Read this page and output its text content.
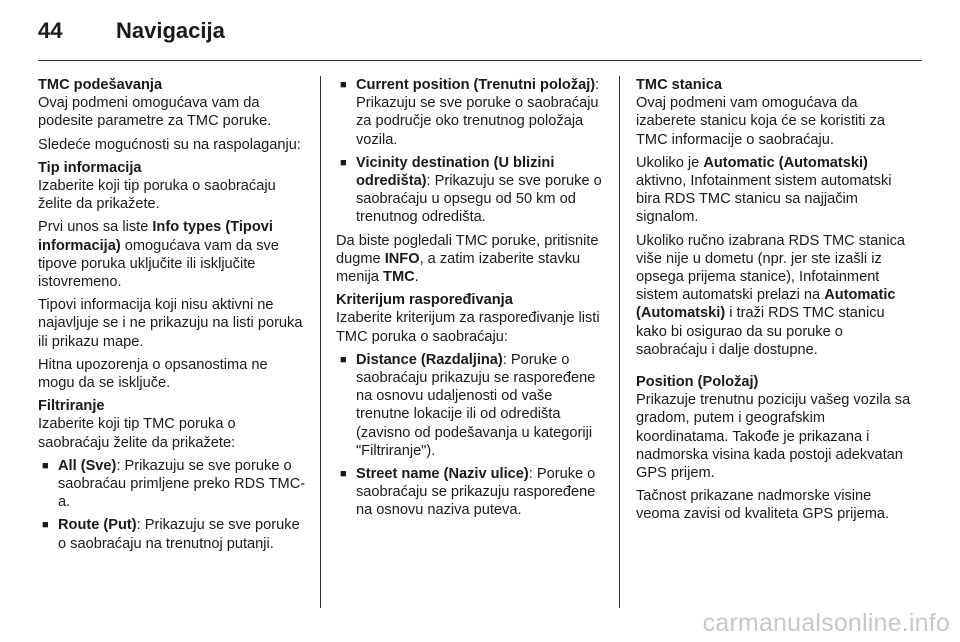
44	Navigacija

TMC podešavanja

Ovaj podmeni omogućava vam da podesite parametre za TMC poruke.

Sledeće mogućnosti su na raspolaganju:

Tip informacija

Izaberite koji tip poruka o saobraćaju želite da prikažete.

Prvi unos sa liste Info types (Tipovi informacija) omogućava vam da sve tipove poruka uključite ili isključite istovremeno.

Tipovi informacija koji nisu aktivni ne najavljuje se i ne prikazuju na listi poruka ili prikazu mape.

Hitna upozorenja o opsanostima ne mogu da se isključe.

Filtriranje

Izaberite koji tip TMC poruka o saobraćaju želite da prikažete:

■ All (Sve): Prikazuju se sve poruke o saobraćau primljene preko RDS TMC-a.
■ Route (Put): Prikazuju se sve poruke o saobraćaju na trenutnoj putanji.
■ Current position (Trenutni položaj): Prikazuju se sve poruke o saobraćaju za područje oko trenutnog položaja vozila.
■ Vicinity destination (U blizini odredišta): Prikazuju se sve poruke o saobraćaju u opsegu od 50 km od trenutnog odredišta.

Da biste pogledali TMC poruke, pritisnite dugme INFO, a zatim izaberite stavku menija TMC.

Kriterijum raspoređivanja

Izaberite kriterijum za raspoređivanje listi TMC poruka o saobraćaju:

■ Distance (Razdaljina): Poruke o saobraćaju prikazuju se raspoređene na osnovu udaljenosti od vaše trenutne lokacije ili od odredišta (zavisno od podešavanja u kategoriji "Filtriranje").
■ Street name (Naziv ulice): Poruke o saobraćaju se prikazuju raspoređene na osnovu naziva puteva.

TMC stanica

Ovaj podmeni vam omogućava da izaberete stanicu koja će se koristiti za TMC informacije o saobraćaju.

Ukoliko je Automatic (Automatski) aktivno, Infotainment sistem automatski bira RDS TMC stanicu sa najjačim signalom.

Ukoliko ručno izabrana RDS TMC stanica više nije u dometu (npr. jer ste izašli iz opsega prijema stanice), Infotainment sistem automatski prelazi na Automatic (Automatski) i traži RDS TMC stanicu kako bi osigurao da su poruke o saobraćaju i dalje dostupne.

Position (Položaj)

Prikazuje trenutnu poziciju vašeg vozila sa gradom, putem i geografskim koordinatama. Takođe je prikazana i nadmorska visina kada postoji adekvatan GPS prijem.

Tačnost prikazane nadmorske visine veoma zavisi od kvaliteta GPS prijema.

carmanualsonline.info
